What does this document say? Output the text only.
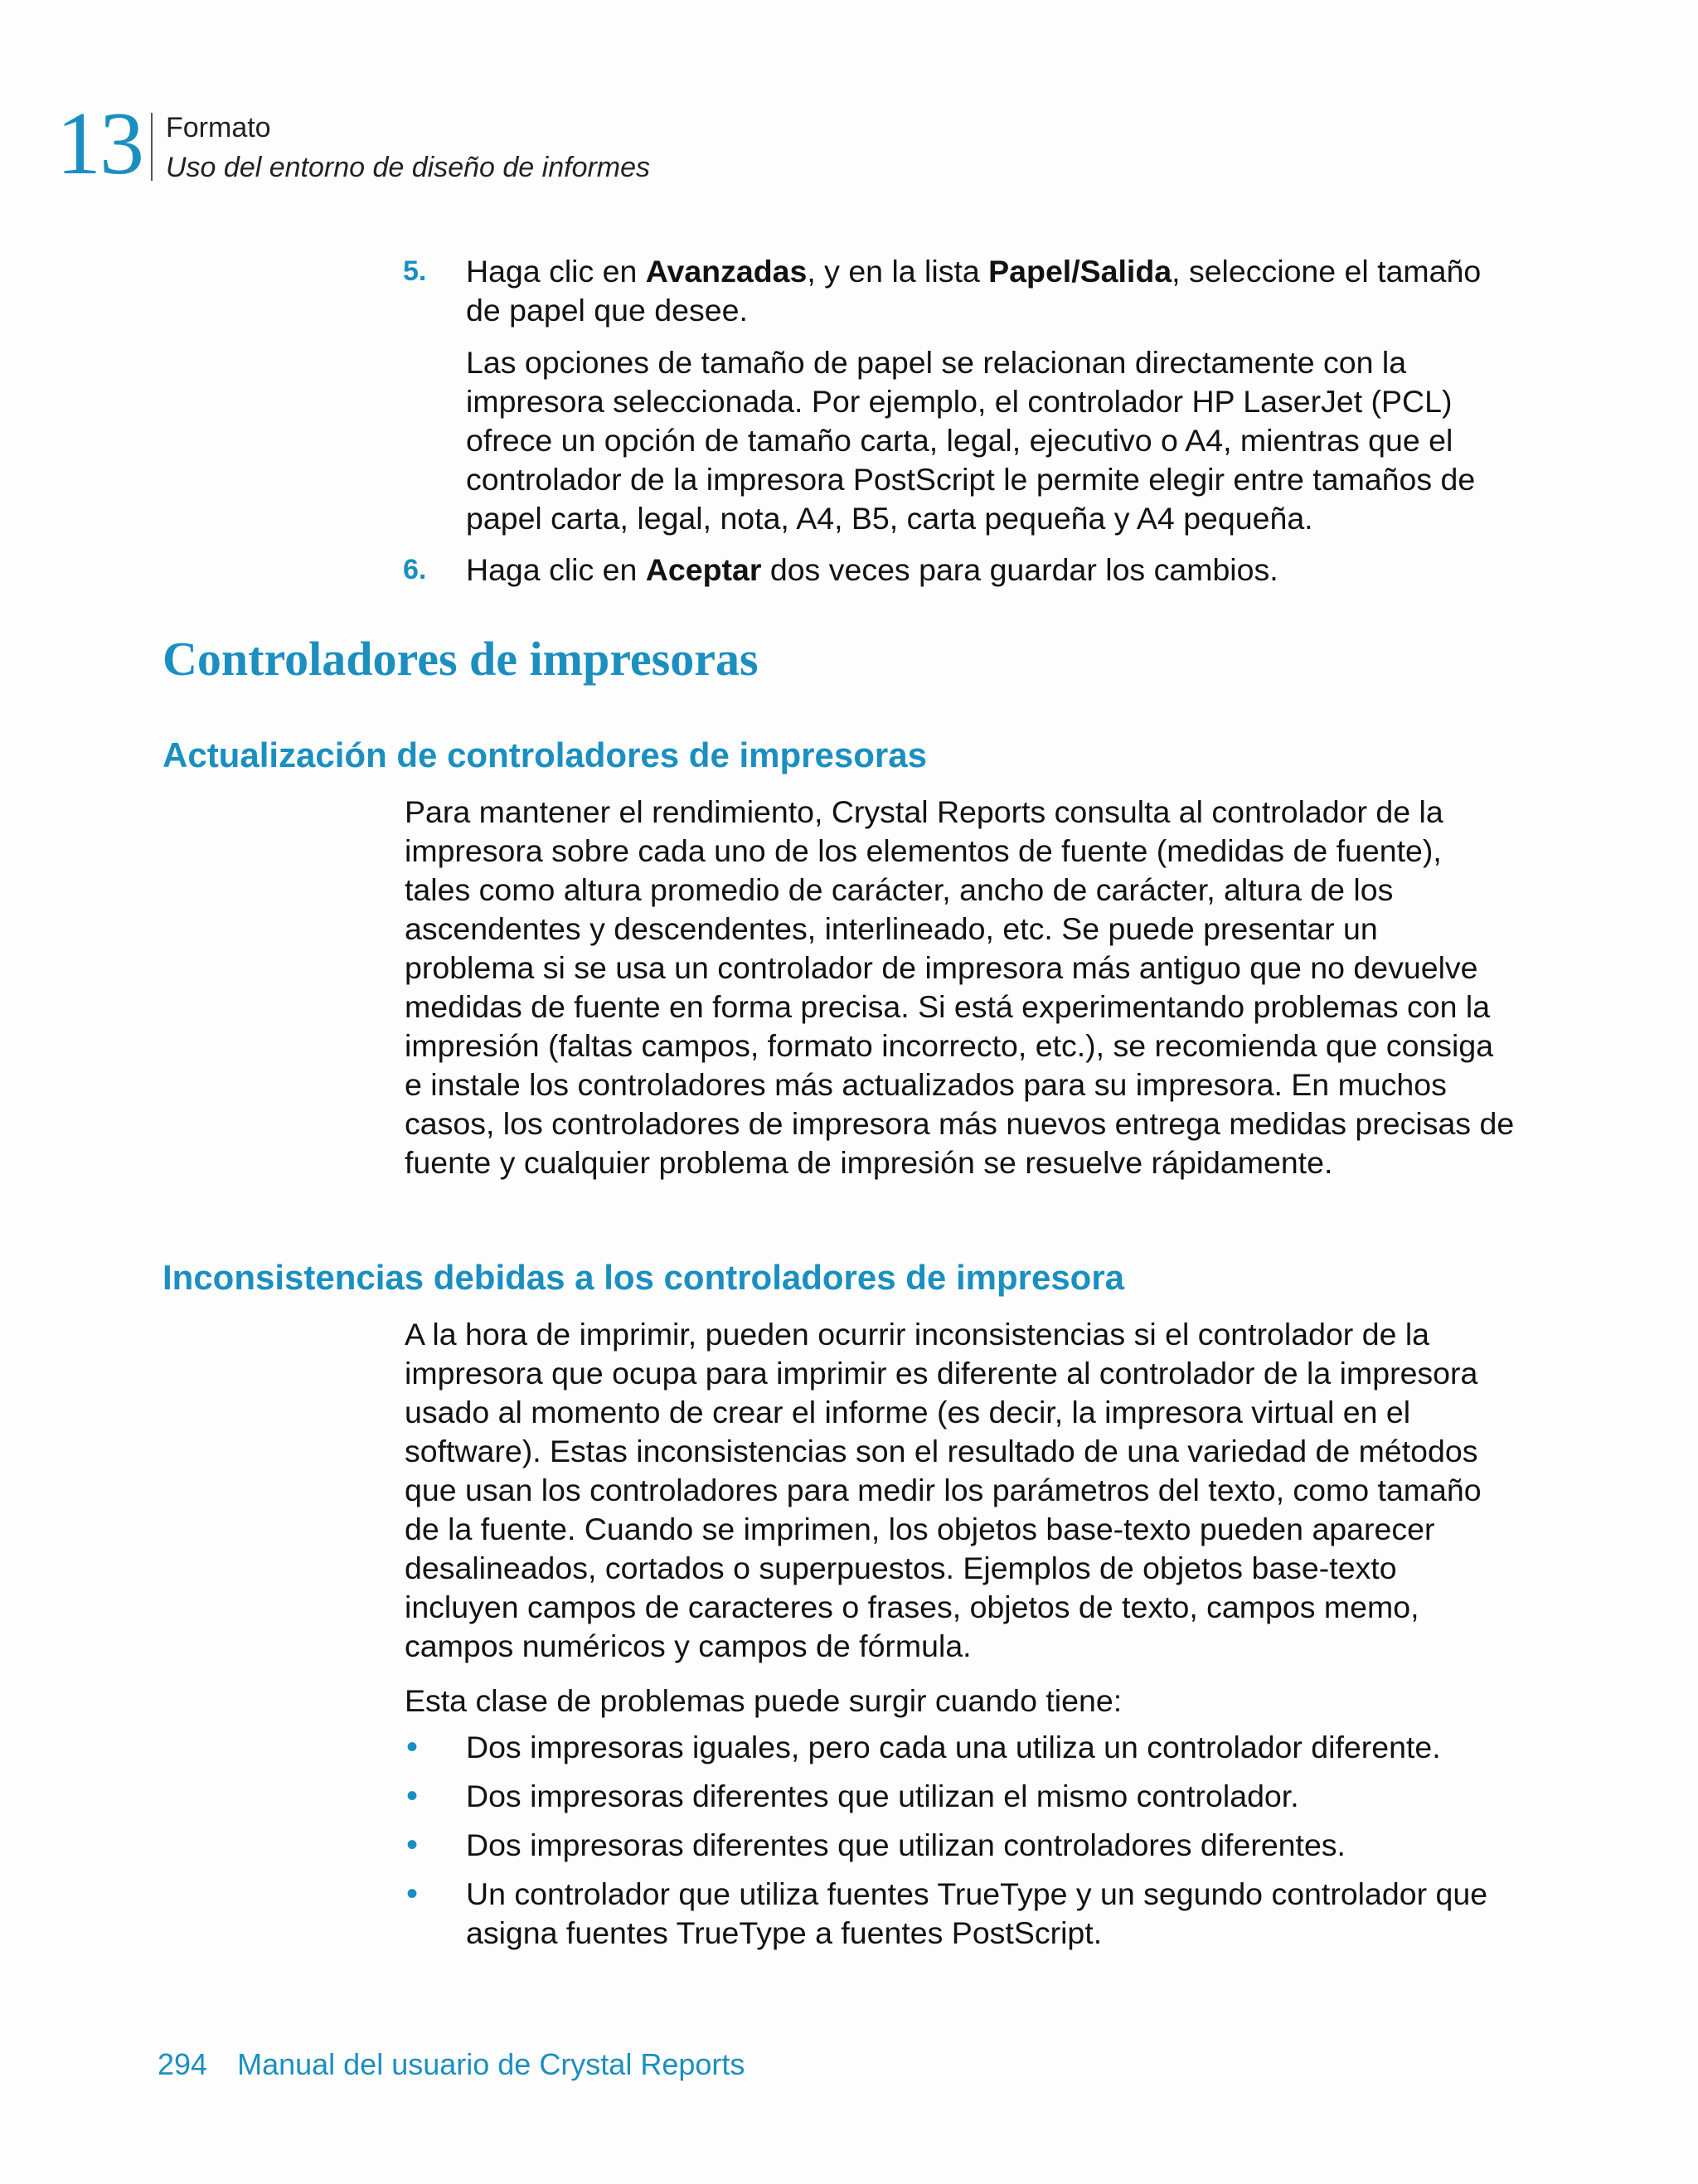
13 Formato
Uso del entorno de diseño de informes
5. Haga clic en Avanzadas, y en la lista Papel/Salida, seleccione el tamaño de papel que desee.
Las opciones de tamaño de papel se relacionan directamente con la impresora seleccionada. Por ejemplo, el controlador HP LaserJet (PCL) ofrece un opción de tamaño carta, legal, ejecutivo o A4, mientras que el controlador de la impresora PostScript le permite elegir entre tamaños de papel carta, legal, nota, A4, B5, carta pequeña y A4 pequeña.
6. Haga clic en Aceptar dos veces para guardar los cambios.
Controladores de impresoras
Actualización de controladores de impresoras
Para mantener el rendimiento, Crystal Reports consulta al controlador de la impresora sobre cada uno de los elementos de fuente (medidas de fuente), tales como altura promedio de carácter, ancho de carácter, altura de los ascendentes y descendentes, interlineado, etc. Se puede presentar un problema si se usa un controlador de impresora más antiguo que no devuelve medidas de fuente en forma precisa. Si está experimentando problemas con la impresión (faltas campos, formato incorrecto, etc.), se recomienda que consiga e instale los controladores más actualizados para su impresora. En muchos casos, los controladores de impresora más nuevos entrega medidas precisas de fuente y cualquier problema de impresión se resuelve rápidamente.
Inconsistencias debidas a los controladores de impresora
A la hora de imprimir, pueden ocurrir inconsistencias si el controlador de la impresora que ocupa para imprimir es diferente al controlador de la impresora usado al momento de crear el informe (es decir, la impresora virtual en el software). Estas inconsistencias son el resultado de una variedad de métodos que usan los controladores para medir los parámetros del texto, como tamaño de la fuente. Cuando se imprimen, los objetos base-texto pueden aparecer desalineados, cortados o superpuestos. Ejemplos de objetos base-texto incluyen campos de caracteres o frases, objetos de texto, campos memo, campos numéricos y campos de fórmula.
Esta clase de problemas puede surgir cuando tiene:
• Dos impresoras iguales, pero cada una utiliza un controlador diferente.
• Dos impresoras diferentes que utilizan el mismo controlador.
• Dos impresoras diferentes que utilizan controladores diferentes.
• Un controlador que utiliza fuentes TrueType y un segundo controlador que asigna fuentes TrueType a fuentes PostScript.
294 Manual del usuario de Crystal Reports
